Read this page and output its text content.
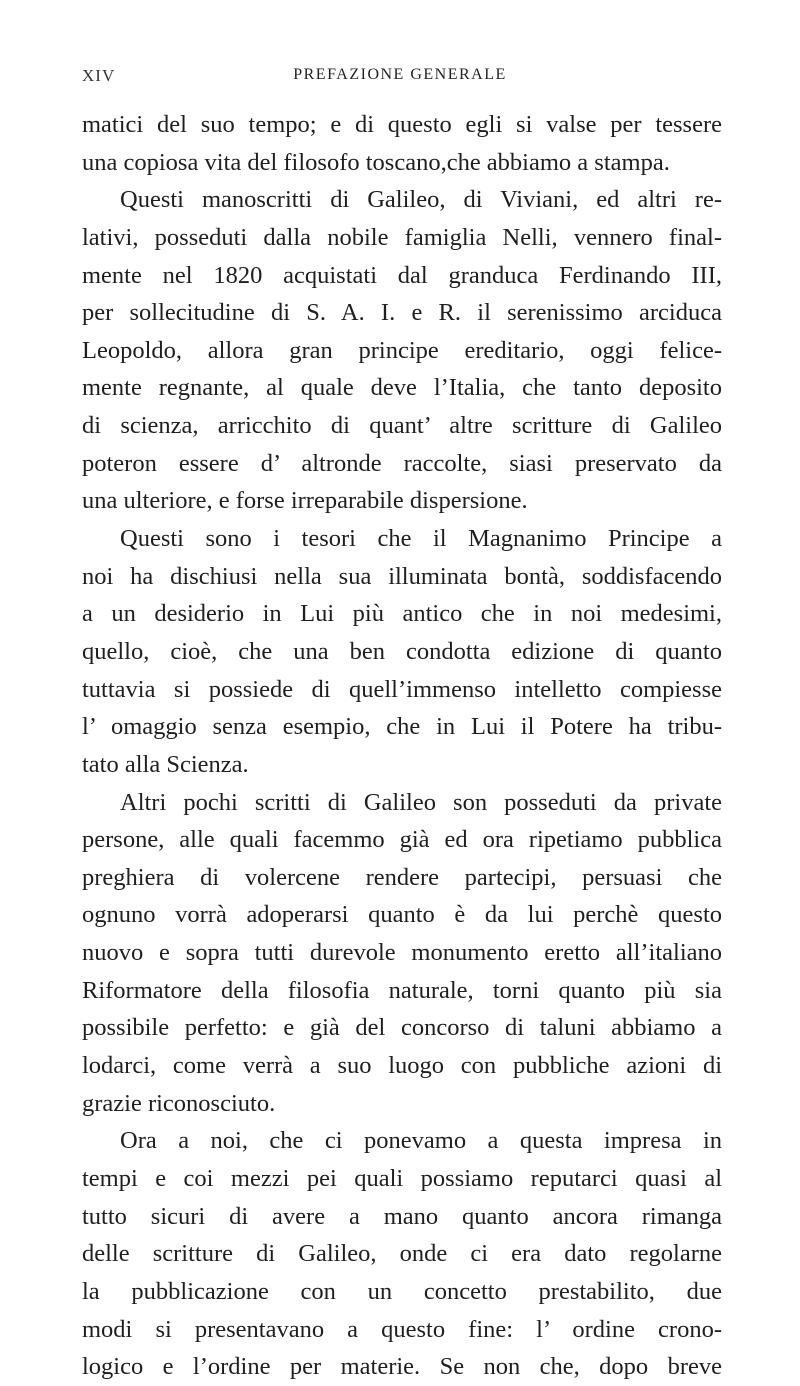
XIV	PREFAZIONE GENERALE
matici del suo tempo; e di questo egli si valse per tessere
una copiosa vita del filosofo toscano,che abbiamo a stampa.
Questi manoscritti di Galileo, di Viviani, ed altri re-
lativi, posseduti dalla nobile famiglia Nelli, vennero final-
mente nel 1820 acquistati dal granduca Ferdinando III,
per sollecitudine di S. A. I. e R. il serenissimo arciduca
Leopoldo, allora gran principe ereditario, oggi felice-
mente regnante, al quale deve l’Italia, che tanto deposito
di scienza, arricchito di quant’ altre scritture di Galileo
poteron essere d’ altronde raccolte, siasi preservato da
una ulteriore, e forse irreparabile dispersione.
Questi sono i tesori che il Magnanimo Principe a
noi ha dischiusi nella sua illuminata bontà, soddisfacendo
a un desiderio in Lui più antico che in noi medesimi,
quello, cioè, che una ben condotta edizione di quanto
tuttavia si possiede di quell’immenso intelletto compiesse
l’ omaggio senza esempio, che in Lui il Potere ha tribu-
tato alla Scienza.
Altri pochi scritti di Galileo son posseduti da private
persone, alle quali facemmo già ed ora ripetiamo pubblica
preghiera di volercene rendere partecipi, persuasi che
ognuno vorrà adoperarsi quanto è da lui perchè questo
nuovo e sopra tutti durevole monumento eretto all’italiano
Riformatore della filosofia naturale, torni quanto più sia
possibile perfetto: e già del concorso di taluni abbiamo a
lodarci, come verrà a suo luogo con pubbliche azioni di
grazie riconosciuto.
Ora a noi, che ci ponevamo a questa impresa in
tempi e coi mezzi pei quali possiamo reputarci quasi al
tutto sicuri di avere a mano quanto ancora rimanga
delle scritture di Galileo, onde ci era dato regolarne
la pubblicazione con un concetto prestabilito, due
modi si presentavano a questo fine: l’ ordine crono-
logico e l’ordine per materie. Se non che, dopo breve
